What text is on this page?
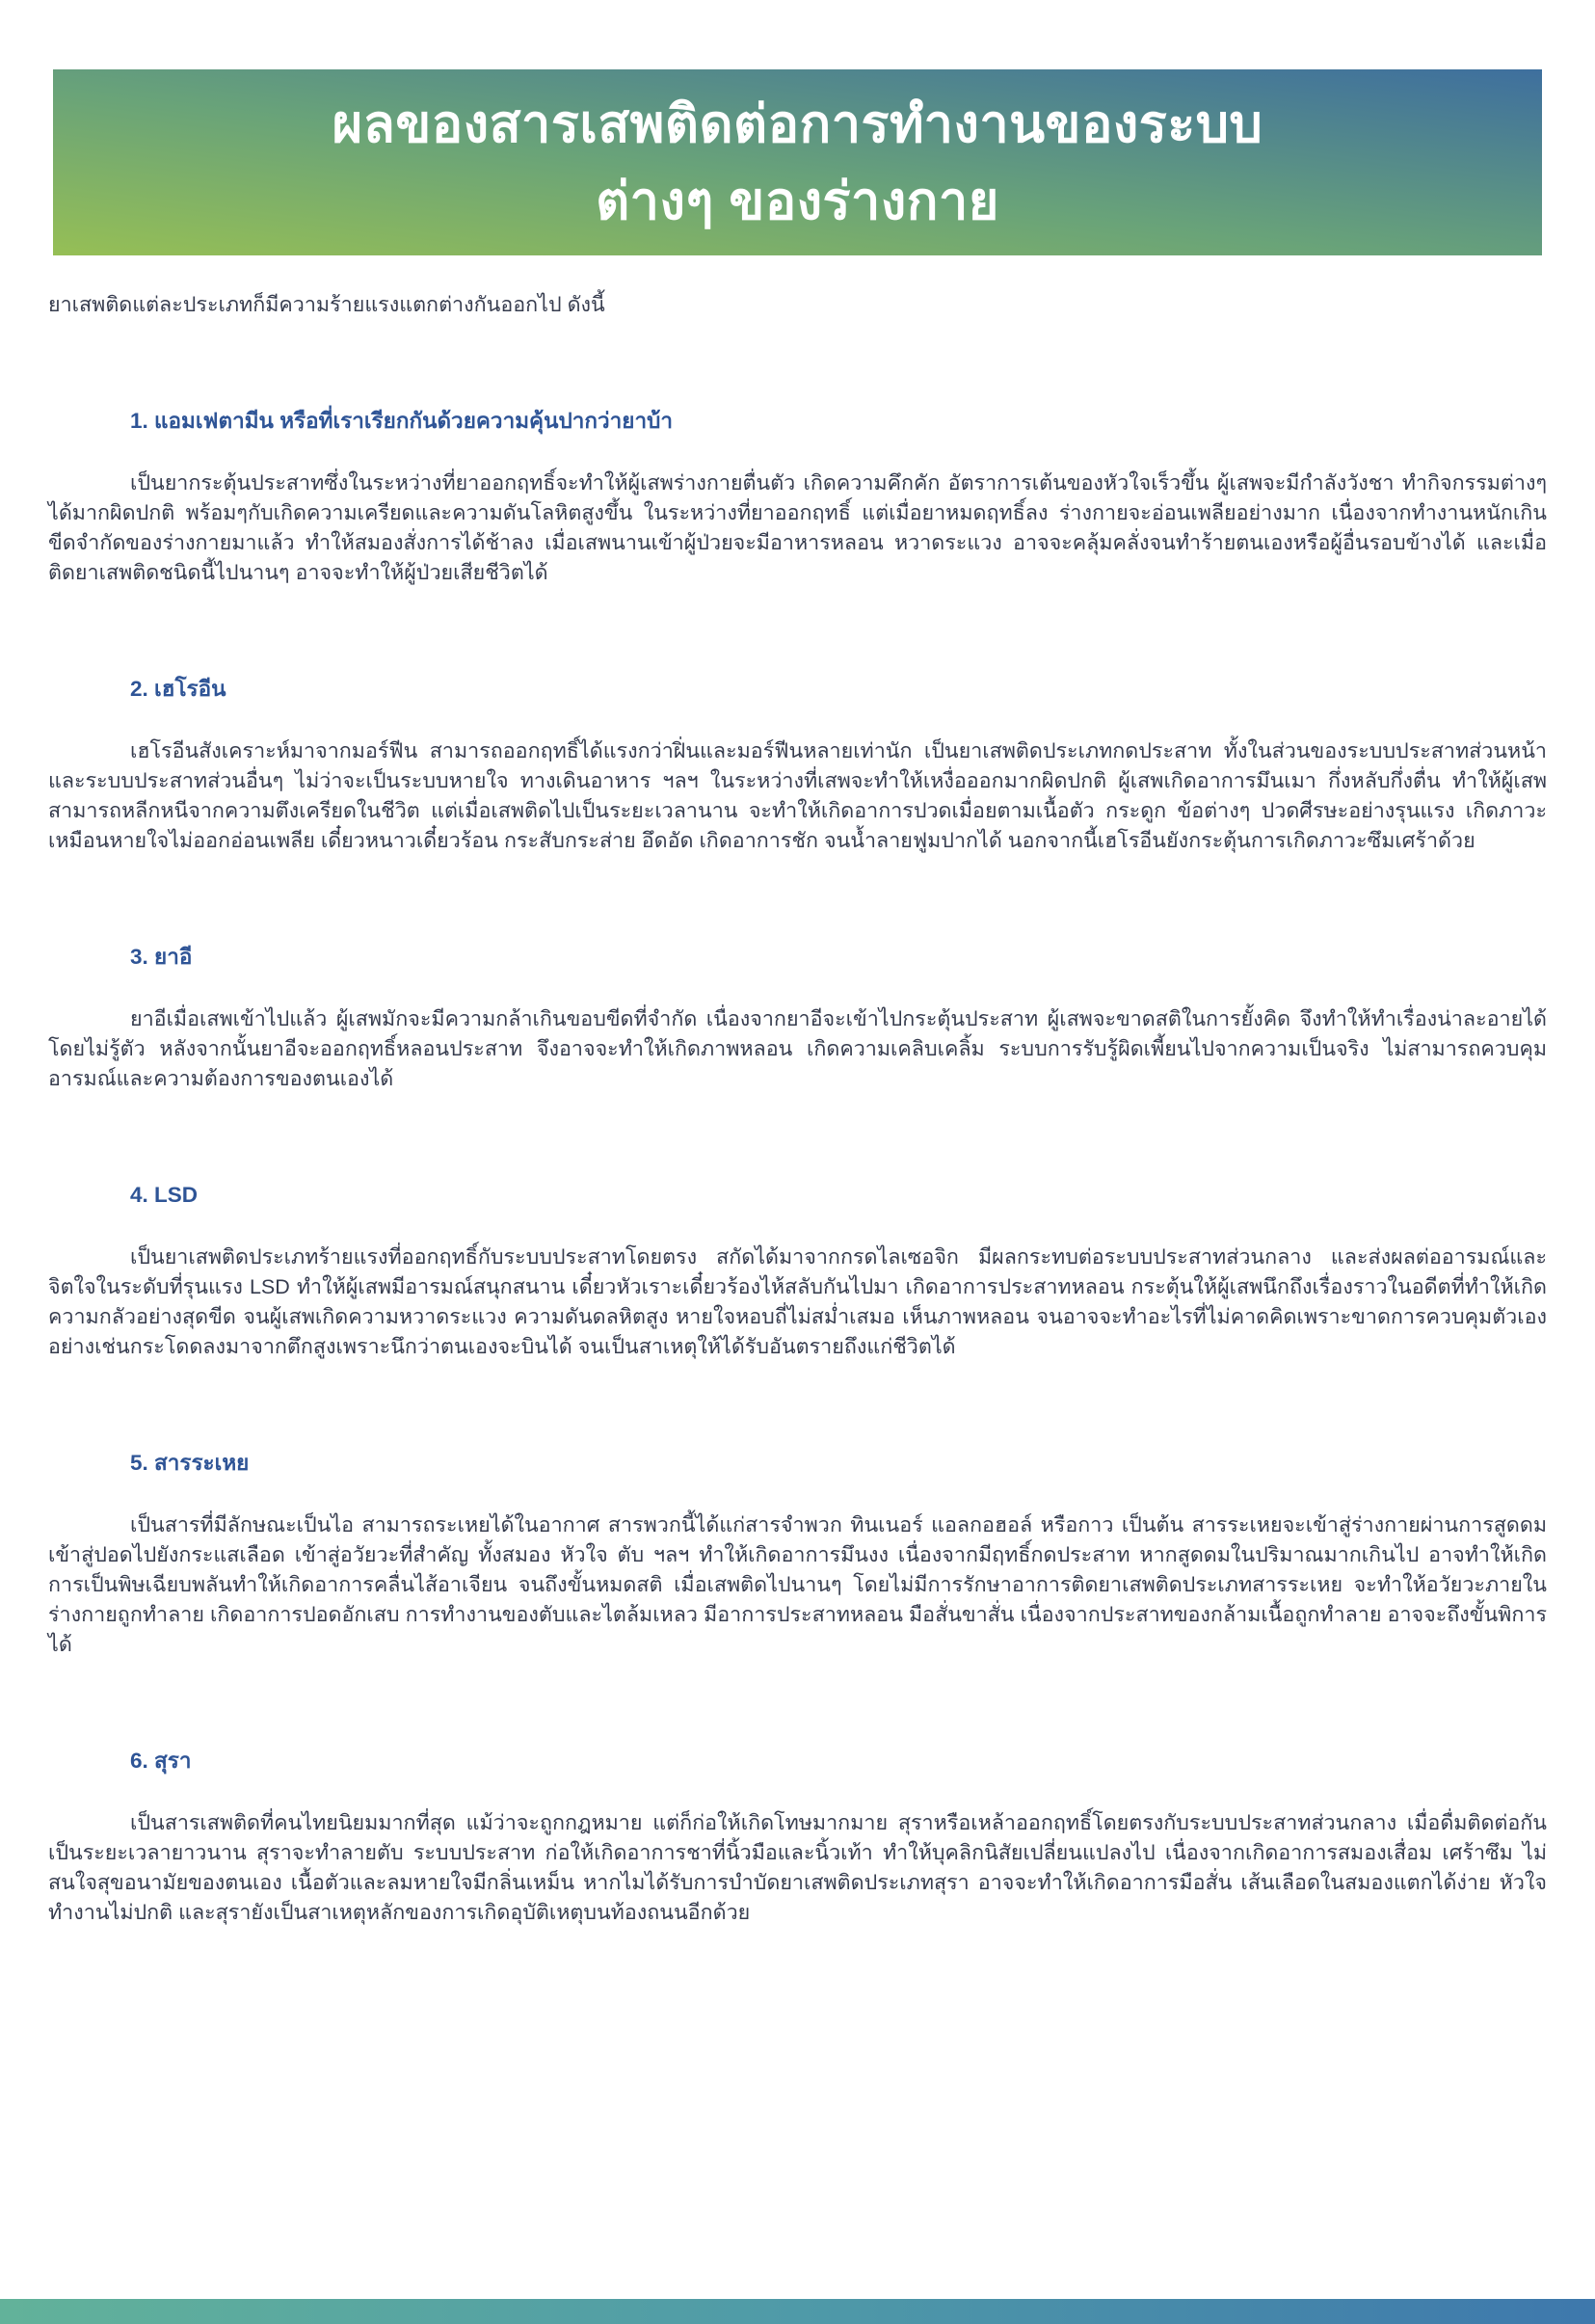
ผลของสารเสพติดต่อการทำงานของระบบ
ต่างๆ ของร่างกาย

ยาเสพติดแต่ละประเภทก็มีความร้ายแรงแตกต่างกันออกไป ดังนี้

1. แอมเฟตามีน หรือที่เราเรียกกันด้วยความคุ้นปากว่ายาบ้า

เป็นยากระตุ้นประสาทซึ่งในระหว่างที่ยาออกฤทธิ์จะทำให้ผู้เสพร่างกายตื่นตัว เกิดความคึกคัก อัตราการเต้นของหัวใจเร็วขึ้น ผู้เสพจะมีกำลังวังชา ทำกิจกรรมต่างๆได้มากผิดปกติ พร้อมๆกับเกิดความเครียดและความดันโลหิตสูงขึ้น ในระหว่างที่ยาออกฤทธิ์ แต่เมื่อยาหมดฤทธิ์ลง ร่างกายจะอ่อนเพลียอย่างมาก เนื่องจากทำงานหนักเกินขีดจำกัดของร่างกายมาแล้ว ทำให้สมองสั่งการได้ช้าลง เมื่อเสพนานเข้าผู้ป่วยจะมีอาหารหลอน หวาดระแวง อาจจะคลุ้มคลั่งจนทำร้ายตนเองหรือผู้อื่นรอบข้างได้ และเมื่อติดยาเสพติดชนิดนี้ไปนานๆ อาจจะทำให้ผู้ป่วยเสียชีวิตได้

2. เฮโรอีน

เฮโรอีนสังเคราะห์มาจากมอร์ฟีน สามารถออกฤทธิ์ได้แรงกว่าฝิ่นและมอร์ฟีนหลายเท่านัก เป็นยาเสพติดประเภทกดประสาท ทั้งในส่วนของระบบประสาทส่วนหน้า และระบบประสาทส่วนอื่นๆ ไม่ว่าจะเป็นระบบหายใจ ทางเดินอาหาร ฯลฯ ในระหว่างที่เสพจะทำให้เหงื่อออกมากผิดปกติ ผู้เสพเกิดอาการมึนเมา กึ่งหลับกึ่งตื่น ทำให้ผู้เสพสามารถหลีกหนีจากความตึงเครียดในชีวิต แต่เมื่อเสพติดไปเป็นระยะเวลานาน จะทำให้เกิดอาการปวดเมื่อยตามเนื้อตัว กระดูก ข้อต่างๆ ปวดศีรษะอย่างรุนแรง เกิดภาวะเหมือนหายใจไม่ออกอ่อนเพลีย เดี๋ยวหนาวเดี๋ยวร้อน กระสับกระส่าย อึดอัด เกิดอาการชัก จนน้ำลายฟูมปากได้ นอกจากนี้เฮโรอีนยังกระตุ้นการเกิดภาวะซึมเศร้าด้วย

3. ยาอี

ยาอีเมื่อเสพเข้าไปแล้ว ผู้เสพมักจะมีความกล้าเกินขอบขีดที่จำกัด เนื่องจากยาอีจะเข้าไปกระตุ้นประสาท ผู้เสพจะขาดสติในการยั้งคิด จึงทำให้ทำเรื่องน่าละอายได้โดยไม่รู้ตัว หลังจากนั้นยาอีจะออกฤทธิ์หลอนประสาท จึงอาจจะทำให้เกิดภาพหลอน เกิดความเคลิบเคลิ้ม ระบบการรับรู้ผิดเพี้ยนไปจากความเป็นจริง ไม่สามารถควบคุมอารมณ์และความต้องการของตนเองได้

4. LSD

เป็นยาเสพติดประเภทร้ายแรงที่ออกฤทธิ์กับระบบประสาทโดยตรง สกัดได้มาจากกรดไลเซอจิก มีผลกระทบต่อระบบประสาทส่วนกลาง และส่งผลต่ออารมณ์และจิตใจในระดับที่รุนแรง LSD ทำให้ผู้เสพมีอารมณ์สนุกสนาน เดี๋ยวหัวเราะเดี๋ยวร้องไห้สลับกันไปมา เกิดอาการประสาทหลอน กระตุ้นให้ผู้เสพนึกถึงเรื่องราวในอดีตที่ทำให้เกิดความกลัวอย่างสุดขีด จนผู้เสพเกิดความหวาดระแวง ความดันดลหิตสูง หายใจหอบถี่ไม่สม่ำเสมอ เห็นภาพหลอน จนอาจจะทำอะไรที่ไม่คาดคิดเพราะขาดการควบคุมตัวเอง อย่างเช่นกระโดดลงมาจากตึกสูงเพราะนึกว่าตนเองจะบินได้ จนเป็นสาเหตุให้ได้รับอันตรายถึงแก่ชีวิตได้

5. สารระเหย

เป็นสารที่มีลักษณะเป็นไอ สามารถระเหยได้ในอากาศ สารพวกนี้ได้แก่สารจำพวก ทินเนอร์ แอลกอฮอล์ หรือกาว เป็นต้น สารระเหยจะเข้าสู่ร่างกายผ่านการสูดดม เข้าสู่ปอดไปยังกระแสเลือด เข้าสู่อวัยวะที่สำคัญ ทั้งสมอง หัวใจ ตับ ฯลฯ ทำให้เกิดอาการมึนงง เนื่องจากมีฤทธิ์กดประสาท หากสูดดมในปริมาณมากเกินไป อาจทำให้เกิดการเป็นพิษเฉียบพลันทำให้เกิดอาการคลื่นไส้อาเจียน จนถึงขั้นหมดสติ เมื่อเสพติดไปนานๆ โดยไม่มีการรักษาอาการติดยาเสพติดประเภทสารระเหย จะทำให้อวัยวะภายในร่างกายถูกทำลาย เกิดอาการปอดอักเสบ การทำงานของตับและไตล้มเหลว มีอาการประสาทหลอน มือสั่นขาสั่น เนื่องจากประสาทของกล้ามเนื้อถูกทำลาย อาจจะถึงขั้นพิการได้

6. สุรา

เป็นสารเสพติดที่คนไทยนิยมมากที่สุด แม้ว่าจะถูกกฎหมาย แต่ก็ก่อให้เกิดโทษมากมาย สุราหรือเหล้าออกฤทธิ์โดยตรงกับระบบประสาทส่วนกลาง เมื่อดื่มติดต่อกันเป็นระยะเวลายาวนาน สุราจะทำลายตับ ระบบประสาท ก่อให้เกิดอาการชาที่นิ้วมือและนิ้วเท้า ทำให้บุคลิกนิสัยเปลี่ยนแปลงไป เนื่องจากเกิดอาการสมองเสื่อม เศร้าซึม ไม่สนใจสุขอนามัยของตนเอง เนื้อตัวและลมหายใจมีกลิ่นเหม็น หากไมได้รับการบำบัดยาเสพติดประเภทสุรา อาจจะทำให้เกิดอาการมือสั่น เส้นเลือดในสมองแตกได้ง่าย หัวใจทำงานไม่ปกติ และสุรายังเป็นสาเหตุหลักของการเกิดอุบัติเหตุบนท้องถนนอีกด้วย
